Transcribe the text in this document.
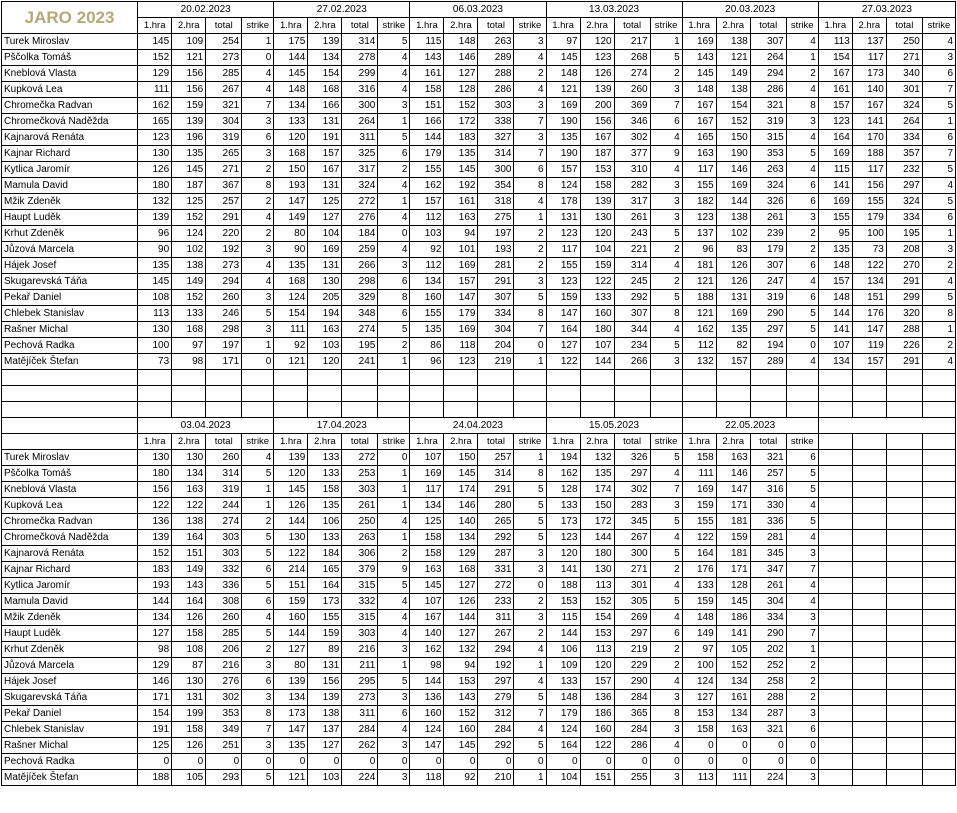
JARO 2023	20.02.2023				27.02.2023				06.03.2023				13.03.2023				20.03.2023				27.03.2023			
	1.hra	2.hra	total	strike	1.hra	2.hra	total	strike	1.hra	2.hra	total	strike	1.hra	2.hra	total	strike	1.hra	2.hra	total	strike	1.hra	2.hra	total	strike
Turek Miroslav	145	109	254	1	175	139	314	5	115	148	263	3	97	120	217	1	169	138	307	4	113	137	250	4
Pščolka Tomáš	152	121	273	0	144	134	278	4	143	146	289	4	145	123	268	5	143	121	264	1	154	117	271	3
Kneblová Vlasta	129	156	285	4	145	154	299	4	161	127	288	2	148	126	274	2	145	149	294	2	167	173	340	6
Kupková Lea	111	156	267	4	148	168	316	4	158	128	286	4	121	139	260	3	148	138	286	4	161	140	301	7
Chromečka Radvan	162	159	321	7	134	166	300	3	151	152	303	3	169	200	369	7	167	154	321	8	157	167	324	5
Chromečková Naděžda	165	139	304	3	133	131	264	1	166	172	338	7	190	156	346	6	167	152	319	3	123	141	264	1
Kajnarová Renáta	123	196	319	6	120	191	311	5	144	183	327	3	135	167	302	4	165	150	315	4	164	170	334	6
Kajnar Richard	130	135	265	3	168	157	325	6	179	135	314	7	190	187	377	9	163	190	353	5	169	188	357	7
Kytlica Jaromír	126	145	271	2	150	167	317	2	155	145	300	6	157	153	310	4	117	146	263	4	115	117	232	5
Mamula David	180	187	367	8	193	131	324	4	162	192	354	8	124	158	282	3	155	169	324	6	141	156	297	4
Mžik Zdeněk	132	125	257	2	147	125	272	1	157	161	318	4	178	139	317	3	182	144	326	6	169	155	324	5
Haupt Luděk	139	152	291	4	149	127	276	4	112	163	275	1	131	130	261	3	123	138	261	3	155	179	334	6
Krhut Zdeněk	96	124	220	2	80	104	184	0	103	94	197	2	123	120	243	5	137	102	239	2	95	100	195	1
Jůzová Marcela	90	102	192	3	90	169	259	4	92	101	193	2	117	104	221	2	96	83	179	2	135	73	208	3
Hájek Josef	135	138	273	4	135	131	266	3	112	169	281	2	155	159	314	4	181	126	307	6	148	122	270	2
Skugarevská Táňa	145	149	294	4	168	130	298	6	134	157	291	3	123	122	245	2	121	126	247	4	157	134	291	4
Pekař Daniel	108	152	260	3	124	205	329	8	160	147	307	5	159	133	292	5	188	131	319	6	148	151	299	5
Chlebek Stanislav	113	133	246	5	154	194	348	6	155	179	334	8	147	160	307	8	121	169	290	5	144	176	320	8
Rašner Michal	130	168	298	3	111	163	274	5	135	169	304	7	164	180	344	4	162	135	297	5	141	147	288	1
Pechová Radka	100	97	197	1	92	103	195	2	86	118	204	0	127	107	234	5	112	82	194	0	107	119	226	2
Matějíček Štefan	73	98	171	0	121	120	241	1	96	123	219	1	122	144	266	3	132	157	289	4	134	157	291	4

	03.04.2023				17.04.2023				24.04.2023				15.05.2023				22.05.2023							
	1.hra	2.hra	total	strike	1.hra	2.hra	total	strike	1.hra	2.hra	total	strike	1.hra	2.hra	total	strike	1.hra	2.hra	total	strike				
Turek Miroslav	130	130	260	4	139	133	272	0	107	150	257	1	194	132	326	5	158	163	321	6				
Pščolka Tomáš	180	134	314	5	120	133	253	1	169	145	314	8	162	135	297	4	111	146	257	5				
Kneblová Vlasta	156	163	319	1	145	158	303	1	117	174	291	5	128	174	302	7	169	147	316	5				
Kupková Lea	122	122	244	1	126	135	261	1	134	146	280	5	133	150	283	3	159	171	330	4				
Chromečka Radvan	136	138	274	2	144	106	250	4	125	140	265	5	173	172	345	5	155	181	336	5				
Chromečková Naděžda	139	164	303	5	130	133	263	1	158	134	292	5	123	144	267	4	122	159	281	4				
Kajnarová Renáta	152	151	303	5	122	184	306	2	158	129	287	3	120	180	300	5	164	181	345	3				
Kajnar Richard	183	149	332	6	214	165	379	9	163	168	331	3	141	130	271	2	176	171	347	7				
Kytlica Jaromír	193	143	336	5	151	164	315	5	145	127	272	0	188	113	301	4	133	128	261	4				
Mamula David	144	164	308	6	159	173	332	4	107	126	233	2	153	152	305	5	159	145	304	4				
Mžik Zdeněk	134	126	260	4	160	155	315	4	167	144	311	3	115	154	269	4	148	186	334	3				
Haupt Luděk	127	158	285	5	144	159	303	4	140	127	267	2	144	153	297	6	149	141	290	7				
Krhut Zdeněk	98	108	206	2	127	89	216	3	162	132	294	4	106	113	219	2	97	105	202	1				
Jůzová Marcela	129	87	216	3	80	131	211	1	98	94	192	1	109	120	229	2	100	152	252	2				
Hájek Josef	146	130	276	6	139	156	295	5	144	153	297	4	133	157	290	4	124	134	258	2				
Skugarevská Táňa	171	131	302	3	134	139	273	3	136	143	279	5	148	136	284	3	127	161	288	2				
Pekař Daniel	154	199	353	8	173	138	311	6	160	152	312	7	179	186	365	8	153	134	287	3				
Chlebek Stanislav	191	158	349	7	147	137	284	4	124	160	284	4	124	160	284	3	158	163	321	6				
Rašner Michal	125	126	251	3	135	127	262	3	147	145	292	5	164	122	286	4	0	0	0	0				
Pechová Radka	0	0	0	0	0	0	0	0	0	0	0	0	0	0	0	0	0	0	0	0				
Matějíček Štefan	188	105	293	5	121	103	224	3	118	92	210	1	104	151	255	3	113	111	224	3				
